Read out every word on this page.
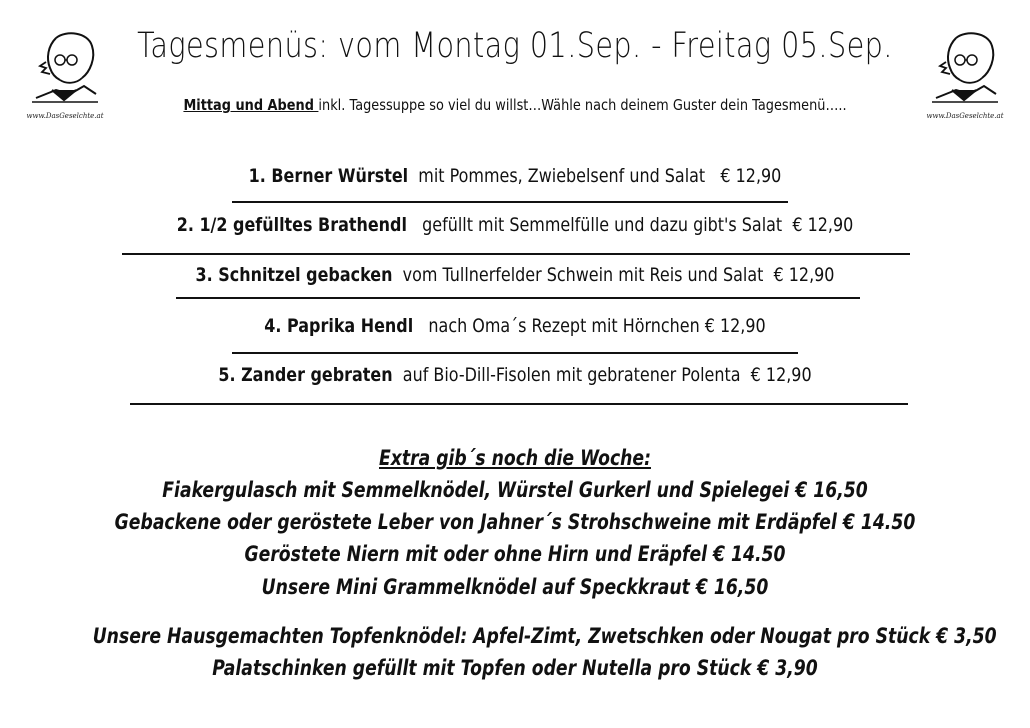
www.DasGeselchte.at	www.DasGeselchte.at
Tagesmenüs: vom Montag 01.Sep. - Freitag 05.Sep.
Mittag und Abend inkl. Tagessuppe so viel du willst…Wähle nach deinem Guster dein Tagesmenü…..
1. Berner Würstel mit Pommes, Zwiebelsenf und Salat € 12,90
2. 1/2 gefülltes Brathendl gefüllt mit Semmelfülle und dazu gibt's Salat € 12,90
3. Schnitzel gebacken vom Tullnerfelder Schwein mit Reis und Salat € 12,90
4. Paprika Hendl nach Oma´s Rezept mit Hörnchen € 12,90
5. Zander gebraten auf Bio-Dill-Fisolen mit gebratener Polenta € 12,90
Extra gib´s noch die Woche:
Fiakergulasch mit Semmelknödel, Würstel Gurkerl und Spielegei € 16,50
Gebackene oder geröstete Leber von Jahner´s Strohschweine mit Erdäpfel € 14.50
Geröstete Niern mit oder ohne Hirn und Eräpfel € 14.50
Unsere Mini Grammelknödel auf Speckkraut € 16,50
Unsere Hausgemachten Topfenknödel: Apfel-Zimt, Zwetschken oder Nougat pro Stück € 3,50
Palatschinken gefüllt mit Topfen oder Nutella pro Stück € 3,90
